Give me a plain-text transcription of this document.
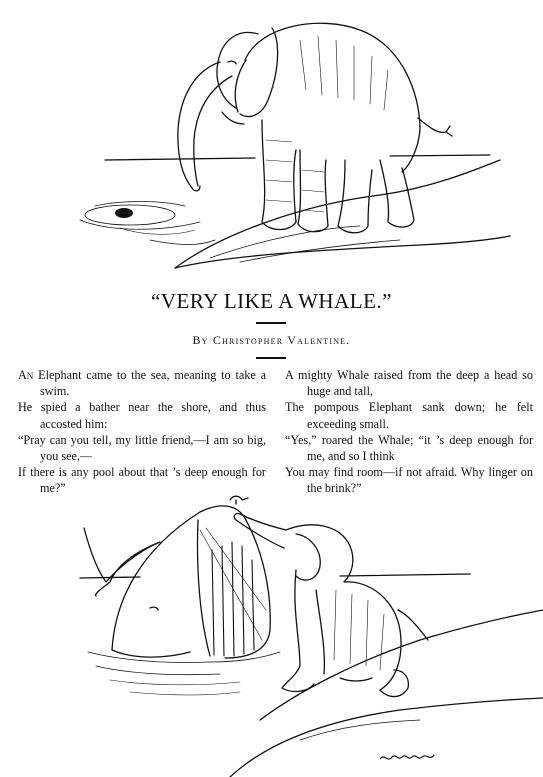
“VERY LIKE A WHALE.”
By Christopher Valentine.
An Elephant came to the sea, meaning to take a swim.
He spied a bather near the shore, and thus accosted him:
“Pray can you tell, my little friend,—I am so big, you see,—
If there is any pool about that ’s deep enough for me?”
A mighty Whale raised from the deep a head so huge and tall,
The pompous Elephant sank down; he felt exceeding small.
“Yes,” roared the Whale; “it ’s deep enough for me, and so I think
You may find room—if not afraid. Why linger on the brink?”
